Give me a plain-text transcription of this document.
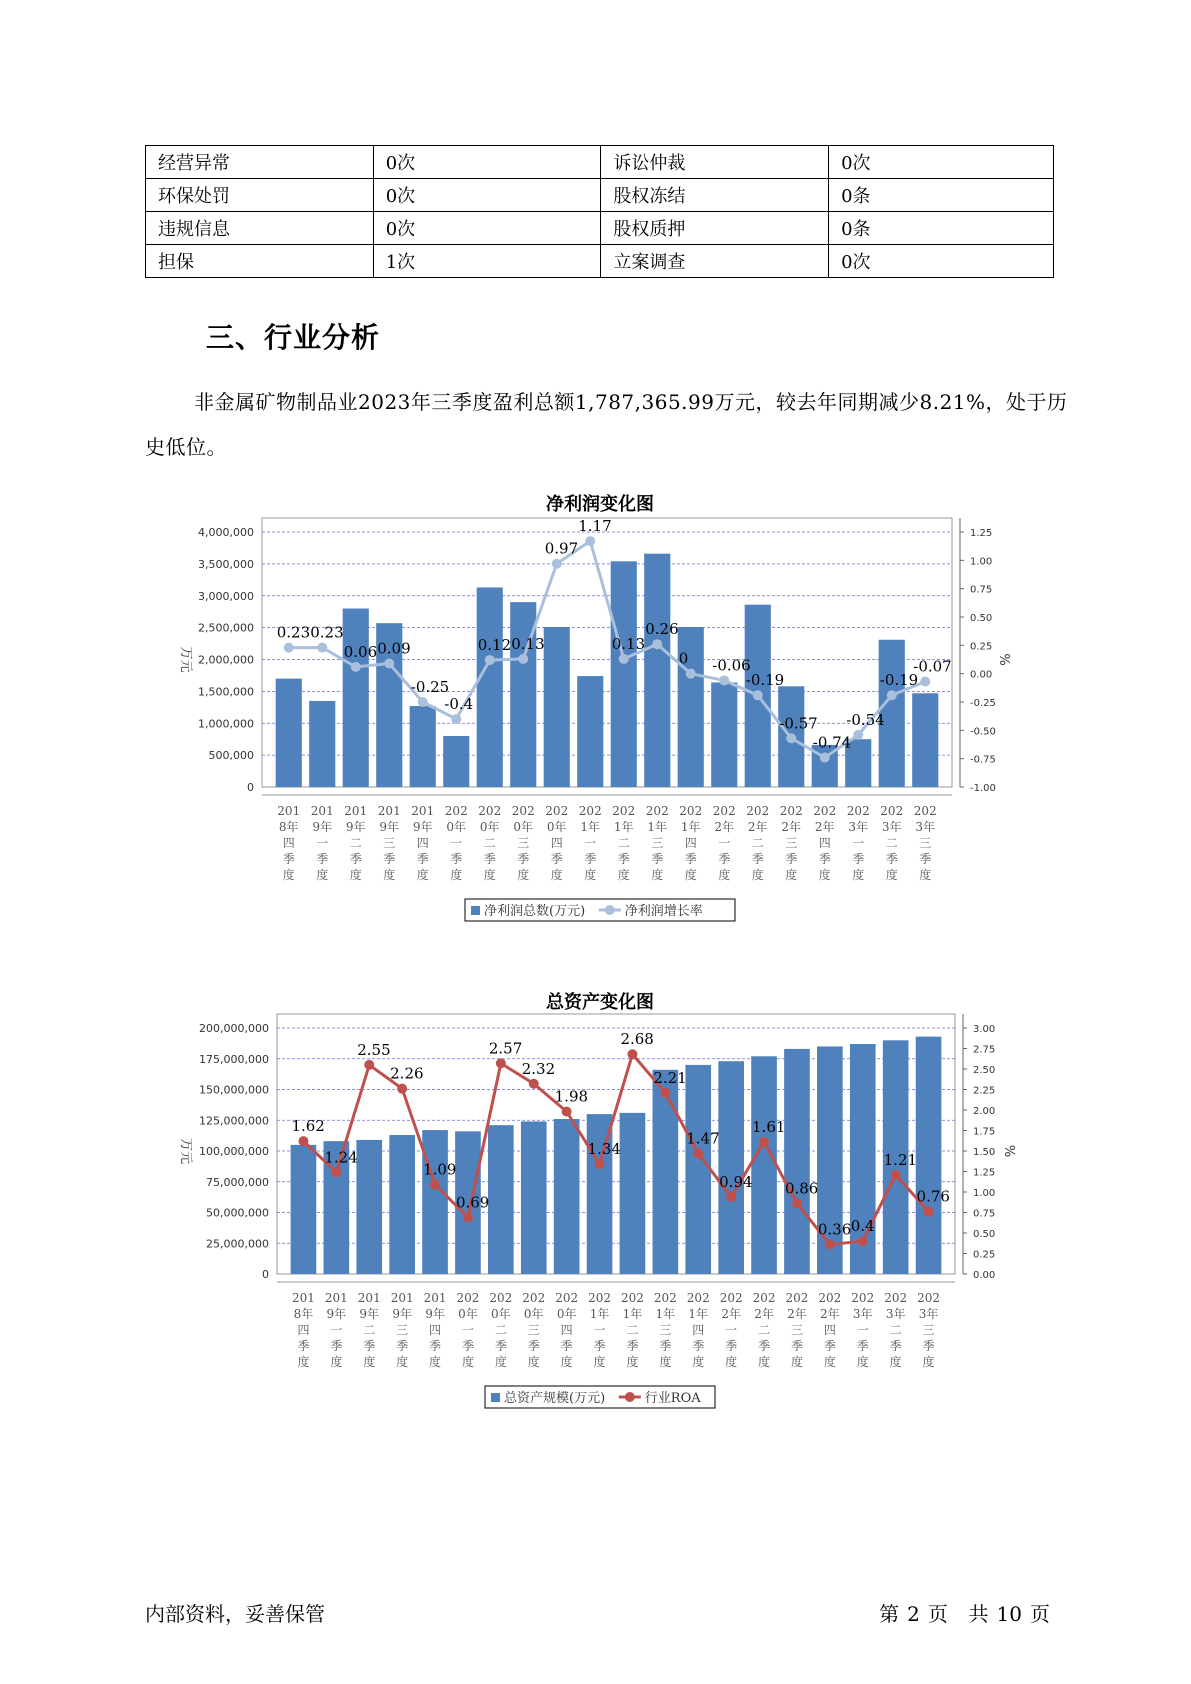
经营异常	0次	诉讼仲裁	0次
环保处罚	0次	股权冻结	0条
违规信息	0次	股权质押	0条
担保	1次	立案调查	0次
三、行业分析
非金属矿物制品业2023年三季度盈利总额1,787,365.99万元，较去年同期减少8.21%，处于历史低位。
净利润变化图
0
500,000
1,000,000
1,500,000
2,000,000
2,500,000
3,000,000
3,500,000
4,000,000
-1.00
-0.75
-0.50
-0.25
0.00
0.25
0.50
0.75
1.00
1.25
万元	%
0.23 0.23
0.06 0.09
-0.25
-0.4
0.12 0.13
0.97
1.17
0.13
0.26
0 -0.06
-0.19
-0.57
-0.74
-0.54
-0.19
-0.07
201 8年四季度
201 9年一季度
201 9年二季度
201 9年三季度
201 9年四季度
202 0年一季度
202 0年二季度
202 0年三季度
202 0年四季度
202 1年一季度
202 1年二季度
202 1年三季度
202 1年四季度
202 2年一季度
202 2年二季度
202 2年三季度
202 2年四季度
202 3年一季度
202 3年二季度
202 3年三季度
净利润总数(万元)	净利润增长率
总资产变化图
0
25,000,000
50,000,000
75,000,000
100,000,000
125,000,000
150,000,000
175,000,000
200,000,000
0.00
0.25
0.50
0.75
1.00
1.25
1.50
1.75
2.00
2.25
2.50
2.75
3.00
万元	%
1.62
1.24
2.55
2.26
1.09
0.69
2.57
2.32
1.98
1.34
2.68
2.21
1.47
0.94
1.61
0.86
0.36 0.4
1.21
0.76
201 8年四季度
201 9年一季度
201 9年二季度
201 9年三季度
201 9年四季度
202 0年一季度
202 0年二季度
202 0年三季度
202 0年四季度
202 1年一季度
202 1年二季度
202 1年三季度
202 1年四季度
202 2年一季度
202 2年二季度
202 2年三季度
202 2年四季度
202 3年一季度
202 3年二季度
202 3年三季度
总资产规模(万元)	行业ROA
内部资料，妥善保管	第 2 页 共 10 页
